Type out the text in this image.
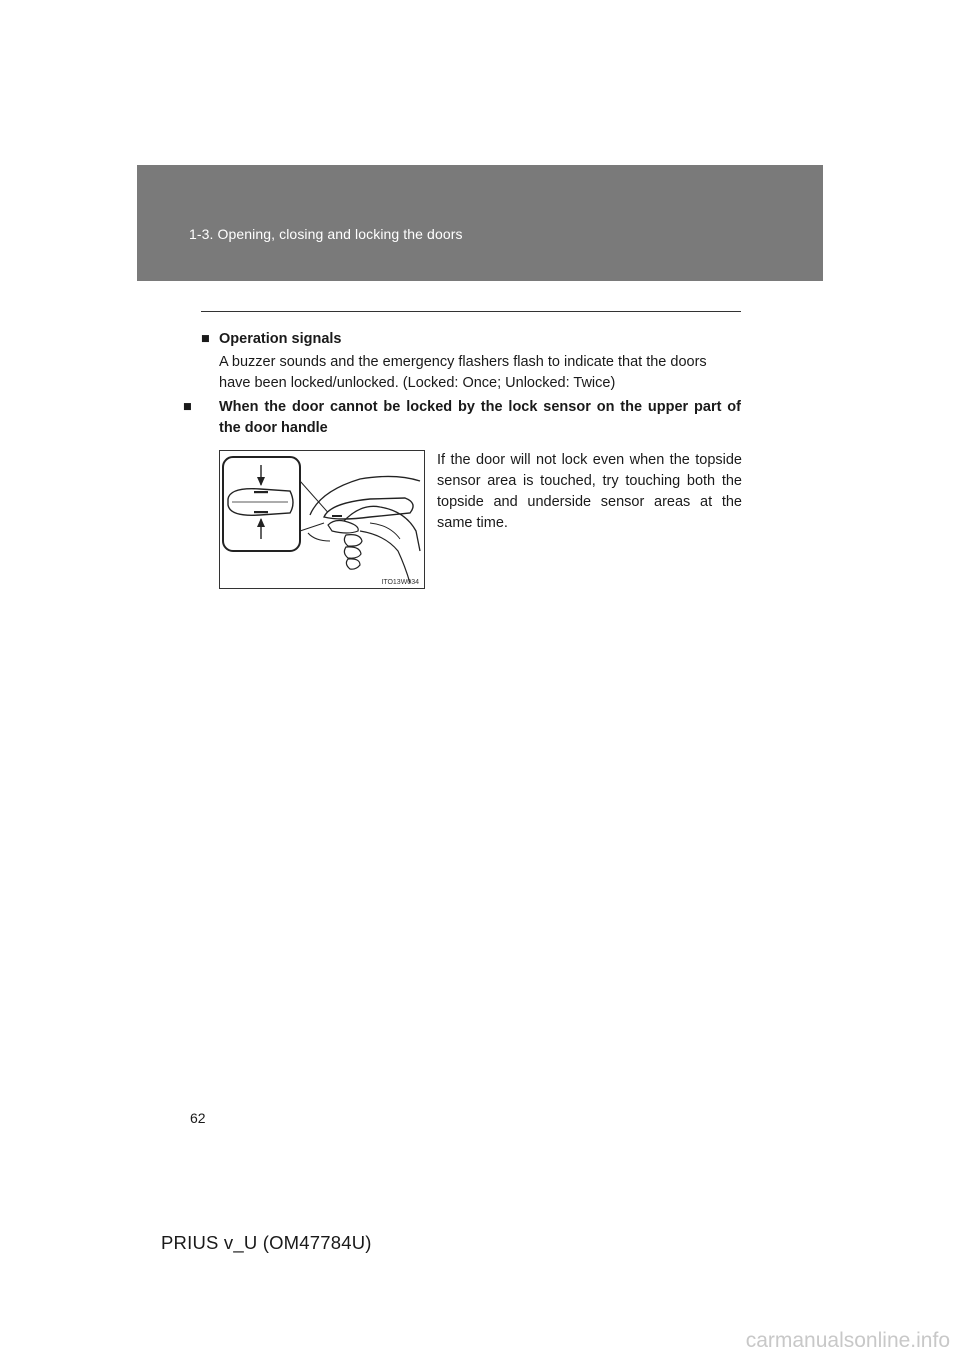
1-3. Opening, closing and locking the doors
■ Operation signals
A buzzer sounds and the emergency flashers flash to indicate that the doors have been locked/unlocked. (Locked: Once; Unlocked: Twice)
■ When the door cannot be locked by the lock sensor on the upper part of the door handle
ITO13W034
If the door will not lock even when the topside sensor area is touched, try touching both the topside and underside sensor areas at the same time.
62
PRIUS v_U (OM47784U)
carmanualsonline.info
